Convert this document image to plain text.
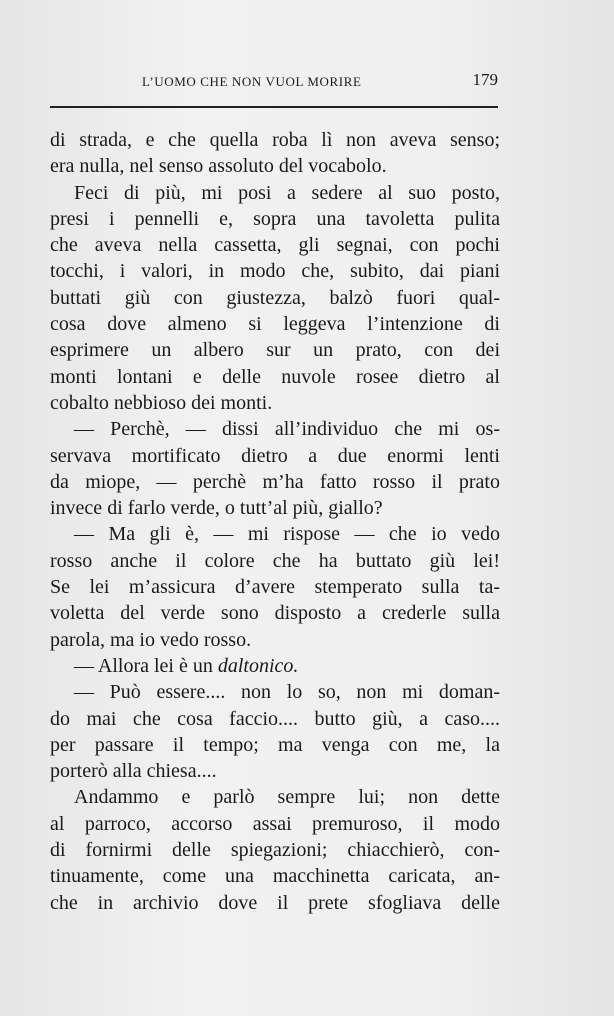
L’UOMO CHE NON VUOL MORIRE	179
di strada, e che quella roba lì non aveva senso;
era nulla, nel senso assoluto del vocabolo.
Feci di più, mi posi a sedere al suo posto,
presi i pennelli e, sopra una tavoletta pulita
che aveva nella cassetta, gli segnai, con pochi
tocchi, i valori, in modo che, subito, dai piani
buttati giù con giustezza, balzò fuori qual-
cosa dove almeno si leggeva l’intenzione di
esprimere un albero sur un prato, con dei
monti lontani e delle nuvole rosee dietro al
cobalto nebbioso dei monti.
— Perchè, — dissi all’individuo che mi os-
servava mortificato dietro a due enormi lenti
da miope, — perchè m’ha fatto rosso il prato
invece di farlo verde, o tutt’al più, giallo?
— Ma gli è, — mi rispose — che io vedo
rosso anche il colore che ha buttato giù lei!
Se lei m’assicura d’avere stemperato sulla ta-
voletta del verde sono disposto a crederle sulla
parola, ma io vedo rosso.
— Allora lei è un daltonico.
— Può essere.... non lo so, non mi doman-
do mai che cosa faccio.... butto giù, a caso....
per passare il tempo; ma venga con me, la
porterò alla chiesa....
Andammo e parlò sempre lui; non dette
al parroco, accorso assai premuroso, il modo
di fornirmi delle spiegazioni; chiacchierò, con-
tinuamente, come una macchinetta caricata, an-
che in archivio dove il prete sfogliava delle
